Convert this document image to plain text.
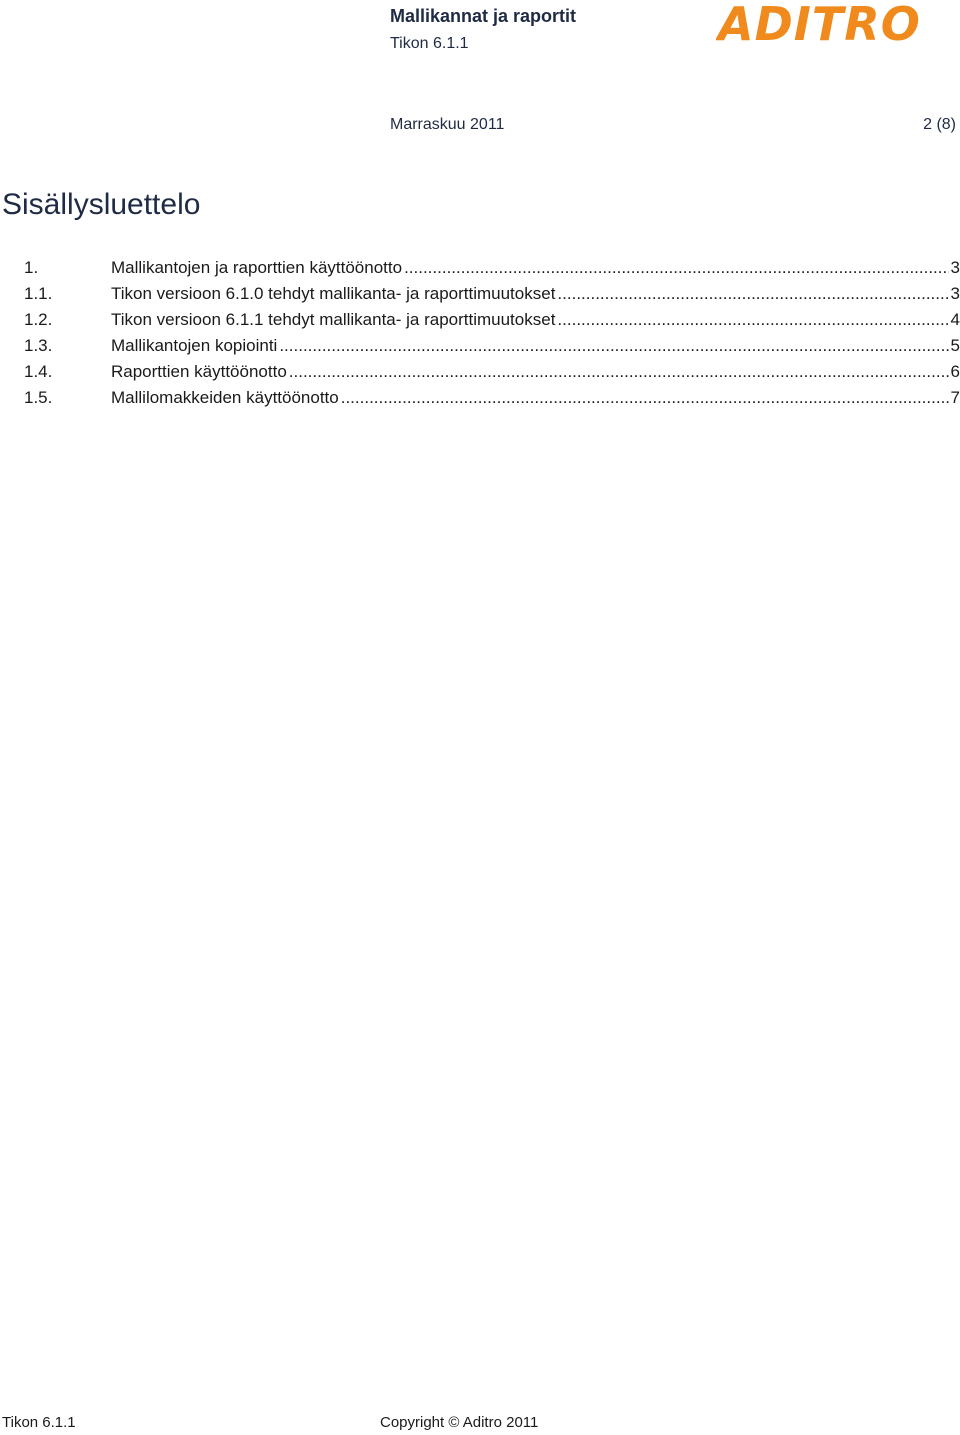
Mallikannat ja raportit
Tikon 6.1.1	ADITRO
Marraskuu 2011	2 (8)
Sisällysluettelo
1.	Mallikantojen ja raporttien käyttöönotto .....	3
1.1.	Tikon versioon 6.1.0 tehdyt mallikanta- ja raporttimuutokset .....	3
1.2.	Tikon versioon 6.1.1 tehdyt mallikanta- ja raporttimuutokset .....	4
1.3.	Mallikantojen kopiointi .....	5
1.4.	Raporttien käyttöönotto .....	6
1.5.	Mallilomakkeiden käyttöönotto .....	7
Tikon 6.1.1	Copyright © Aditro 2011
